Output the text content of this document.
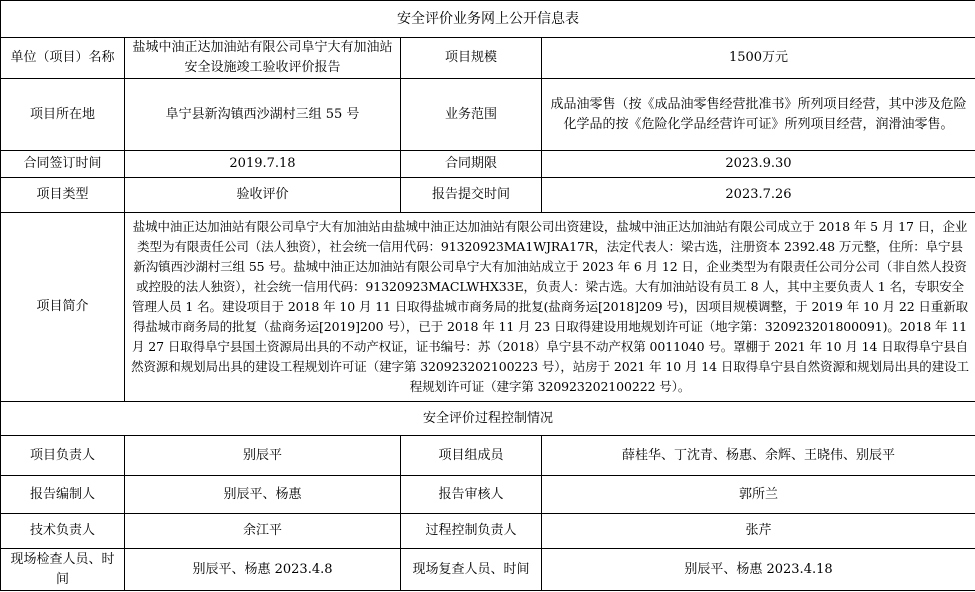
安全评价业务网上公开信息表			
单位（项目）名称	盐城中油正达加油站有限公司阜宁大有加油站安全设施竣工验收评价报告	项目规模	1500万元
项目所在地	阜宁县新沟镇西沙湖村三组 55 号	业务范围	成品油零售（按《成品油零售经营批准书》所列项目经营，其中涉及危险化学品的按《危险化学品经营许可证》所列项目经营，润滑油零售。
合同签订时间	2019.7.18	合同期限	2023.9.30
项目类型	验收评价	报告提交时间	2023.7.26
项目简介	盐城中油正达加油站有限公司阜宁大有加油站由盐城中油正达加油站有限公司出资建设，盐城中油正达加油站有限公司成立于 2018 年 5 月 17 日，企业类型为有限责任公司（法人独资），社会统一信用代码：91320923MA1WJRA17R，法定代表人：梁古选，注册资本 2392.48 万元整，住所：阜宁县新沟镇西沙湖村三组 55 号。盐城中油正达加油站有限公司阜宁大有加油站成立于 2023 年 6 月 12 日，企业类型为有限责任公司分公司（非自然人投资或控股的法人独资），社会统一信用代码：91320923MACLWHX33E，负责人：梁古选。大有加油站设有员工 8 人，其中主要负责人 1 名，专职安全管理人员 1 名。建设项目于 2018 年 10 月 11 日取得盐城市商务局的批复(盐商务运[2018]209 号)，因项目规模调整，于 2019 年 10 月 22 日重新取得盐城市商务局的批复（盐商务运[2019]200 号），已于 2018 年 11 月 23 日取得建设用地规划许可证（地字第：320923201800091)。2018 年 11 月 27 日取得阜宁县国土资源局出具的不动产权证，证书编号：苏（2018）阜宁县不动产权第 0011040 号。罩棚于 2021 年 10 月 14 日取得阜宁县自然资源和规划局出具的建设工程规划许可证（建字第 320923202100223 号），站房于 2021 年 10 月 14 日取得阜宁县自然资源和规划局出具的建设工程规划许可证（建字第 320923202100222 号）。		
安全评价过程控制情况			
项目负责人	别辰平	项目组成员	薛桂华、丁沈青、杨惠、余辉、王晓伟、别辰平
报告编制人	别辰平、杨惠	报告审核人	郭所兰
技术负责人	余江平	过程控制负责人	张芹
现场检查人员、时间	别辰平、杨惠 2023.4.8	现场复查人员、时间	别辰平、杨惠 2023.4.18
